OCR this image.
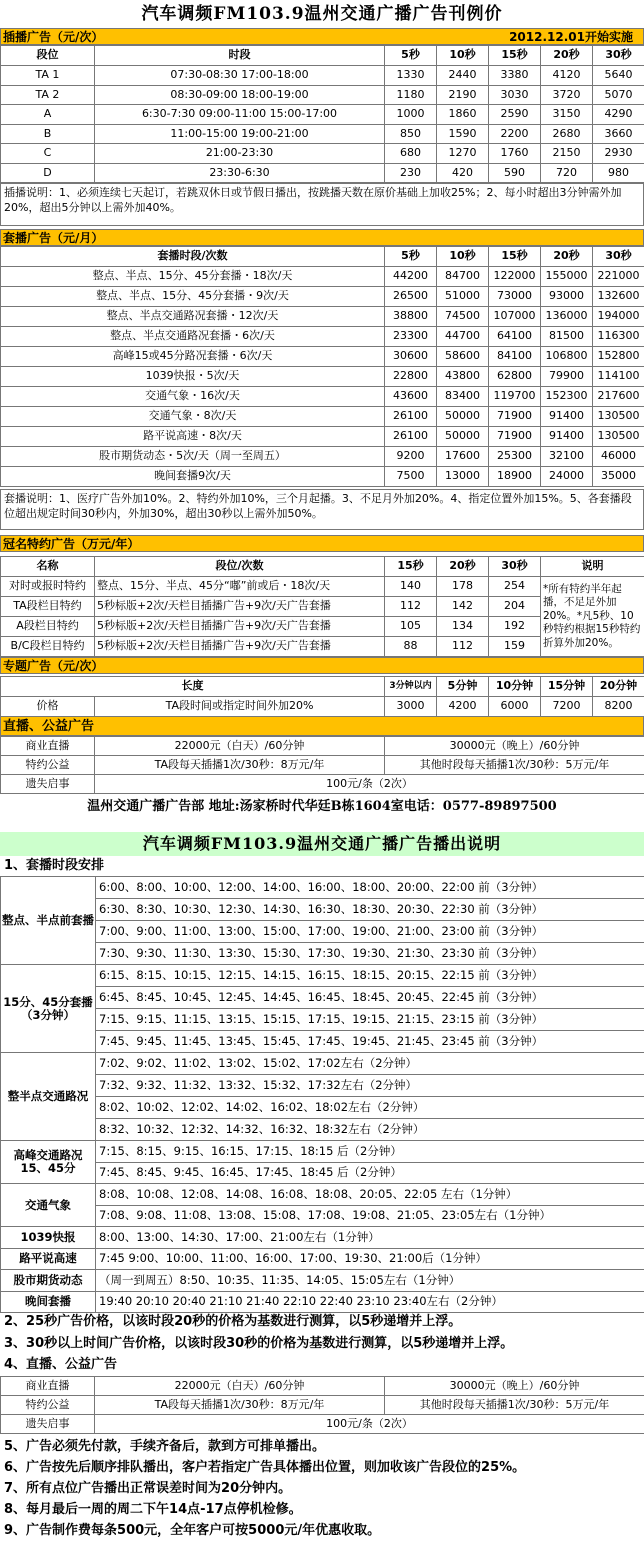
汽车调频FM103.9温州交通广播广告刊例价
插播广告（元/次）	2012.12.01开始实施
段位	时段	5秒	10秒	15秒	20秒	30秒
TA 1	07:30-08:30 17:00-18:00	1330	2440	3380	4120	5640
TA 2	08:30-09:00 18:00-19:00	1180	2190	3030	3720	5070
A	6:30-7:30 09:00-11:00 15:00-17:00	1000	1860	2590	3150	4290
B	11:00-15:00 19:00-21:00	850	1590	2200	2680	3660
C	21:00-23:30	680	1270	1760	2150	2930
D	23:30-6:30	230	420	590	720	980
插播说明：1、必须连续七天起订，若跳双休日或节假日播出，按跳播天数在原价基础上加收25%；2、每小时超出3分钟需外加20%，超出5分钟以上需外加40%。
套播广告（元/月）
套播时段/次数	5秒	10秒	15秒	20秒	30秒
整点、半点、15分、45分套播・18次/天	44200	84700	122000	155000	221000
整点、半点、15分、45分套播・9次/天	26500	51000	73000	93000	132600
整点、半点交通路况套播・12次/天	38800	74500	107000	136000	194000
整点、半点交通路况套播・6次/天	23300	44700	64100	81500	116300
高峰15或45分路况套播・6次/天	30600	58600	84100	106800	152800
1039快报・5次/天	22800	43800	62800	79900	114100
交通气象・16次/天	43600	83400	119700	152300	217600
交通气象・8次/天	26100	50000	71900	91400	130500
路平说高速・8次/天	26100	50000	71900	91400	130500
股市期货动态・5次/天（周一至周五）	9200	17600	25300	32100	46000
晚间套播9次/天	7500	13000	18900	24000	35000
套播说明：1、医疗广告外加10%。2、特约外加10%，三个月起播。3、不足月外加20%。4、指定位置外加15%。5、各套播段位超出规定时间30秒内，外加30%，超出30秒以上需外加50%。
冠名特约广告（万元/年）
名称	段位/次数	15秒	20秒	30秒	说明
对时或报时特约	整点、15分、半点、45分“嘟”前或后・18次/天	140	178	254	*所有特约半年起播，不足足外加20%。*凡5秒、10秒特约根据15秒特约折算外加20%。
TA段栏目特约	5秒标版+2次/天栏目插播广告+9次/天广告套播	112	142	204	
A段栏目特约	5秒标版+2次/天栏目插播广告+9次/天广告套播	105	134	192	
B/C段栏目特约	5秒标版+2次/天栏目插播广告+9次/天广告套播	88	112	159	
专题广告（元/次）
长度		3分钟以内	5分钟	10分钟	15分钟	20分钟
价格	TA段时间或指定时间外加20%	3000	4200	6000	7200	8200
直播、公益广告
商业直播	22000元（白天）/60分钟	30000元（晚上）/60分钟
特约公益	TA段每天插播1次/30秒：8万元/年	其他时段每天插播1次/30秒：5万元/年
遗失启事	100元/条（2次）	
温州交通广播广告部 地址:汤家桥时代华廷B栋1604室电话：0577-89897500
汽车调频FM103.9温州交通广播广告播出说明
1、套播时段安排
整点、半点前套播	6:00、8:00、10:00、12:00、14:00、16:00、18:00、20:00、22:00 前（3分钟）
	6:30、8:30、10:30、12:30、14:30、16:30、18:30、20:30、22:30 前（3分钟）
	7:00、9:00、11:00、13:00、15:00、17:00、19:00、21:00、23:00 前（3分钟）
	7:30、9:30、11:30、13:30、15:30、17:30、19:30、21:30、23:30 前（3分钟）
15分、45分套播（3分钟）	6:15、8:15、10:15、12:15、14:15、16:15、18:15、20:15、22:15 前（3分钟）
	6:45、8:45、10:45、12:45、14:45、16:45、18:45、20:45、22:45 前（3分钟）
	7:15、9:15、11:15、13:15、15:15、17:15、19:15、21:15、23:15 前（3分钟）
	7:45、9:45、11:45、13:45、15:45、17:45、19:45、21:45、23:45 前（3分钟）
整半点交通路况	7:02、9:02、11:02、13:02、15:02、17:02左右（2分钟）
	7:32、9:32、11:32、13:32、15:32、17:32左右（2分钟）
	8:02、10:02、12:02、14:02、16:02、18:02左右（2分钟）
	8:32、10:32、12:32、14:32、16:32、18:32左右（2分钟）
高峰交通路况15、45分	7:15、8:15、9:15、16:15、17:15、18:15 后（2分钟）
	7:45、8:45、9:45、16:45、17:45、18:45 后（2分钟）
交通气象	8:08、10:08、12:08、14:08、16:08、18:08、20:05、22:05 左右（1分钟）
	7:08、9:08、11:08、13:08、15:08、17:08、19:08、21:05、23:05左右（1分钟）
1039快报	8:00、13:00、14:30、17:00、21:00左右（1分钟）
路平说高速	7:45 9:00、10:00、11:00、16:00、17:00、19:30、21:00后（1分钟）
股市期货动态	（周一到周五）8:50、10:35、11:35、14:05、15:05左右（1分钟）
晚间套播	19:40 20:10 20:40 21:10 21:40 22:10 22:40 23:10 23:40左右（2分钟）
2、25秒广告价格，以该时段20秒的价格为基数进行测算，以5秒递增并上浮。
3、30秒以上时间广告价格，以该时段30秒的价格为基数进行测算，以5秒递增并上浮。
4、直播、公益广告
商业直播	22000元（白天）/60分钟	30000元（晚上）/60分钟
特约公益	TA段每天插播1次/30秒：8万元/年	其他时段每天插播1次/30秒：5万元/年
遗失启事	100元/条（2次）	
5、广告必须先付款，手续齐备后，款到方可排单播出。
6、广告按先后顺序排队播出，客户若指定广告具体播出位置，则加收该广告段位的25%。
7、所有点位广告播出正常误差时间为20分钟内。
8、每月最后一周的周二下午14点-17点停机检修。
9、广告制作费每条500元，全年客户可按5000元/年优惠收取。
